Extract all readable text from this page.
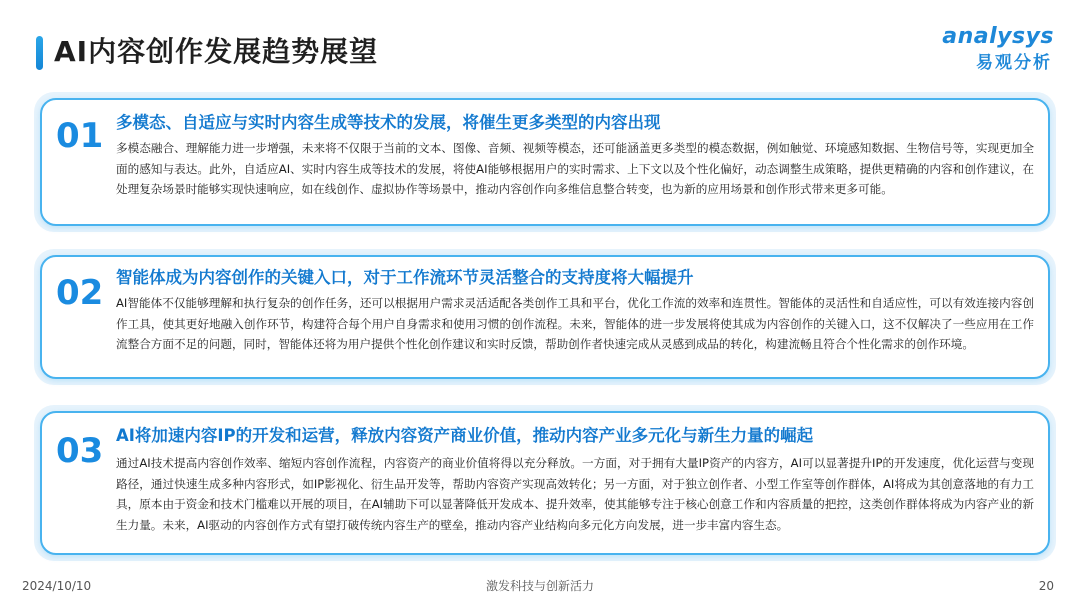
AI内容创作发展趋势展望	analysys
易观分析
01 多模态、自适应与实时内容生成等技术的发展，将催生更多类型的内容出现
多模态融合、理解能力进一步增强，未来将不仅限于当前的文本、图像、音频、视频等模态，还可能涵盖更多类型的模态数据，例如触觉、环境感知数据、生物信号等，实现更加全面的感知与表达。此外，自适应AI、实时内容生成等技术的发展，将使AI能够根据用户的实时需求、上下文以及个性化偏好，动态调整生成策略，提供更精确的内容和创作建议，在处理复杂场景时能够实现快速响应，如在线创作、虚拟协作等场景中，推动内容创作向多维信息整合转变，也为新的应用场景和创作形式带来更多可能。
02 智能体成为内容创作的关键入口，对于工作流环节灵活整合的支持度将大幅提升
AI智能体不仅能够理解和执行复杂的创作任务，还可以根据用户需求灵活适配各类创作工具和平台，优化工作流的效率和连贯性。智能体的灵活性和自适应性，可以有效连接内容创作工具，使其更好地融入创作环节，构建符合每个用户自身需求和使用习惯的创作流程。未来，智能体的进一步发展将使其成为内容创作的关键入口，这不仅解决了一些应用在工作流整合方面不足的问题，同时，智能体还将为用户提供个性化创作建议和实时反馈，帮助创作者快速完成从灵感到成品的转化，构建流畅且符合个性化需求的创作环境。
03 AI将加速内容IP的开发和运营，释放内容资产商业价值，推动内容产业多元化与新生力量的崛起
通过AI技术提高内容创作效率、缩短内容创作流程，内容资产的商业价值将得以充分释放。一方面，对于拥有大量IP资产的内容方，AI可以显著提升IP的开发速度，优化运营与变现路径，通过快速生成多种内容形式，如IP影视化、衍生品开发等，帮助内容资产实现高效转化；另一方面，对于独立创作者、小型工作室等创作群体，AI将成为其创意落地的有力工具，原本由于资金和技术门槛难以开展的项目，在AI辅助下可以显著降低开发成本、提升效率，使其能够专注于核心创意工作和内容质量的把控，这类创作群体将成为内容产业的新生力量。未来，AI驱动的内容创作方式有望打破传统内容生产的壁垒，推动内容产业结构向多元化方向发展，进一步丰富内容生态。
2024/10/10	激发科技与创新活力	20
